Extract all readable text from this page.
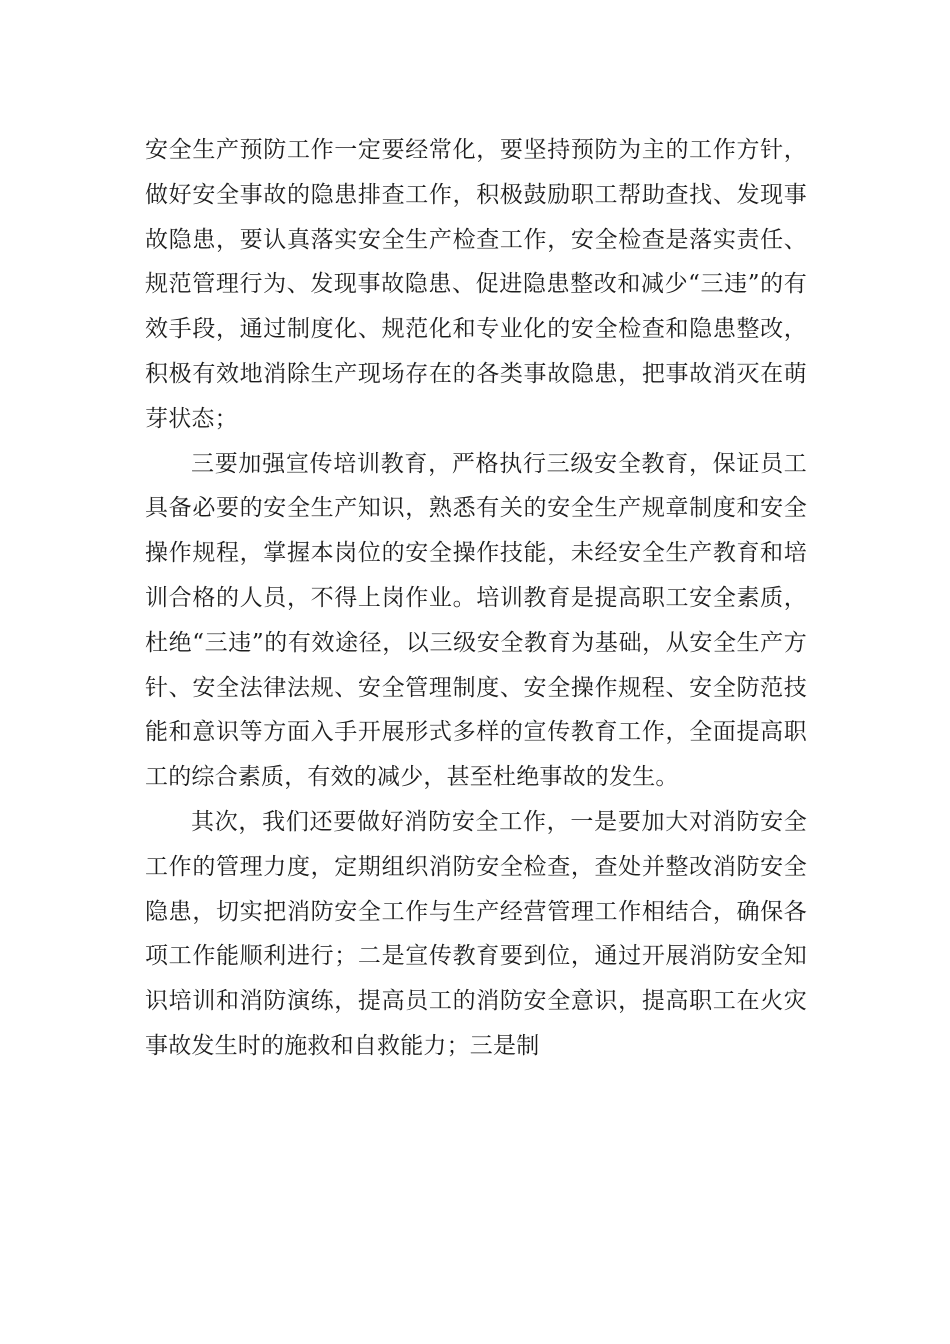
安全生产预防工作一定要经常化，要坚持预防为主的工作方针，做好安全事故的隐患排查工作，积极鼓励职工帮助查找、发现事故隐患，要认真落实安全生产检查工作，安全检查是落实责任、规范管理行为、发现事故隐患、促进隐患整改和减少“三违”的有效手段，通过制度化、规范化和专业化的安全检查和隐患整改，积极有效地消除生产现场存在的各类事故隐患，把事故消灭在萌芽状态；

三要加强宣传培训教育，严格执行三级安全教育，保证员工具备必要的安全生产知识，熟悉有关的安全生产规章制度和安全操作规程，掌握本岗位的安全操作技能，未经安全生产教育和培训合格的人员，不得上岗作业。培训教育是提高职工安全素质，杜绝“三违”的有效途径，以三级安全教育为基础，从安全生产方针、安全法律法规、安全管理制度、安全操作规程、安全防范技能和意识等方面入手开展形式多样的宣传教育工作，全面提高职工的综合素质，有效的减少，甚至杜绝事故的发生。

其次，我们还要做好消防安全工作，一是要加大对消防安全工作的管理力度，定期组织消防安全检查，查处并整改消防安全隐患，切实把消防安全工作与生产经营管理工作相结合，确保各项工作能顺利进行；二是宣传教育要到位，通过开展消防安全知识培训和消防演练，提高员工的消防安全意识，提高职工在火灾事故发生时的施救和自救能力；三是制
